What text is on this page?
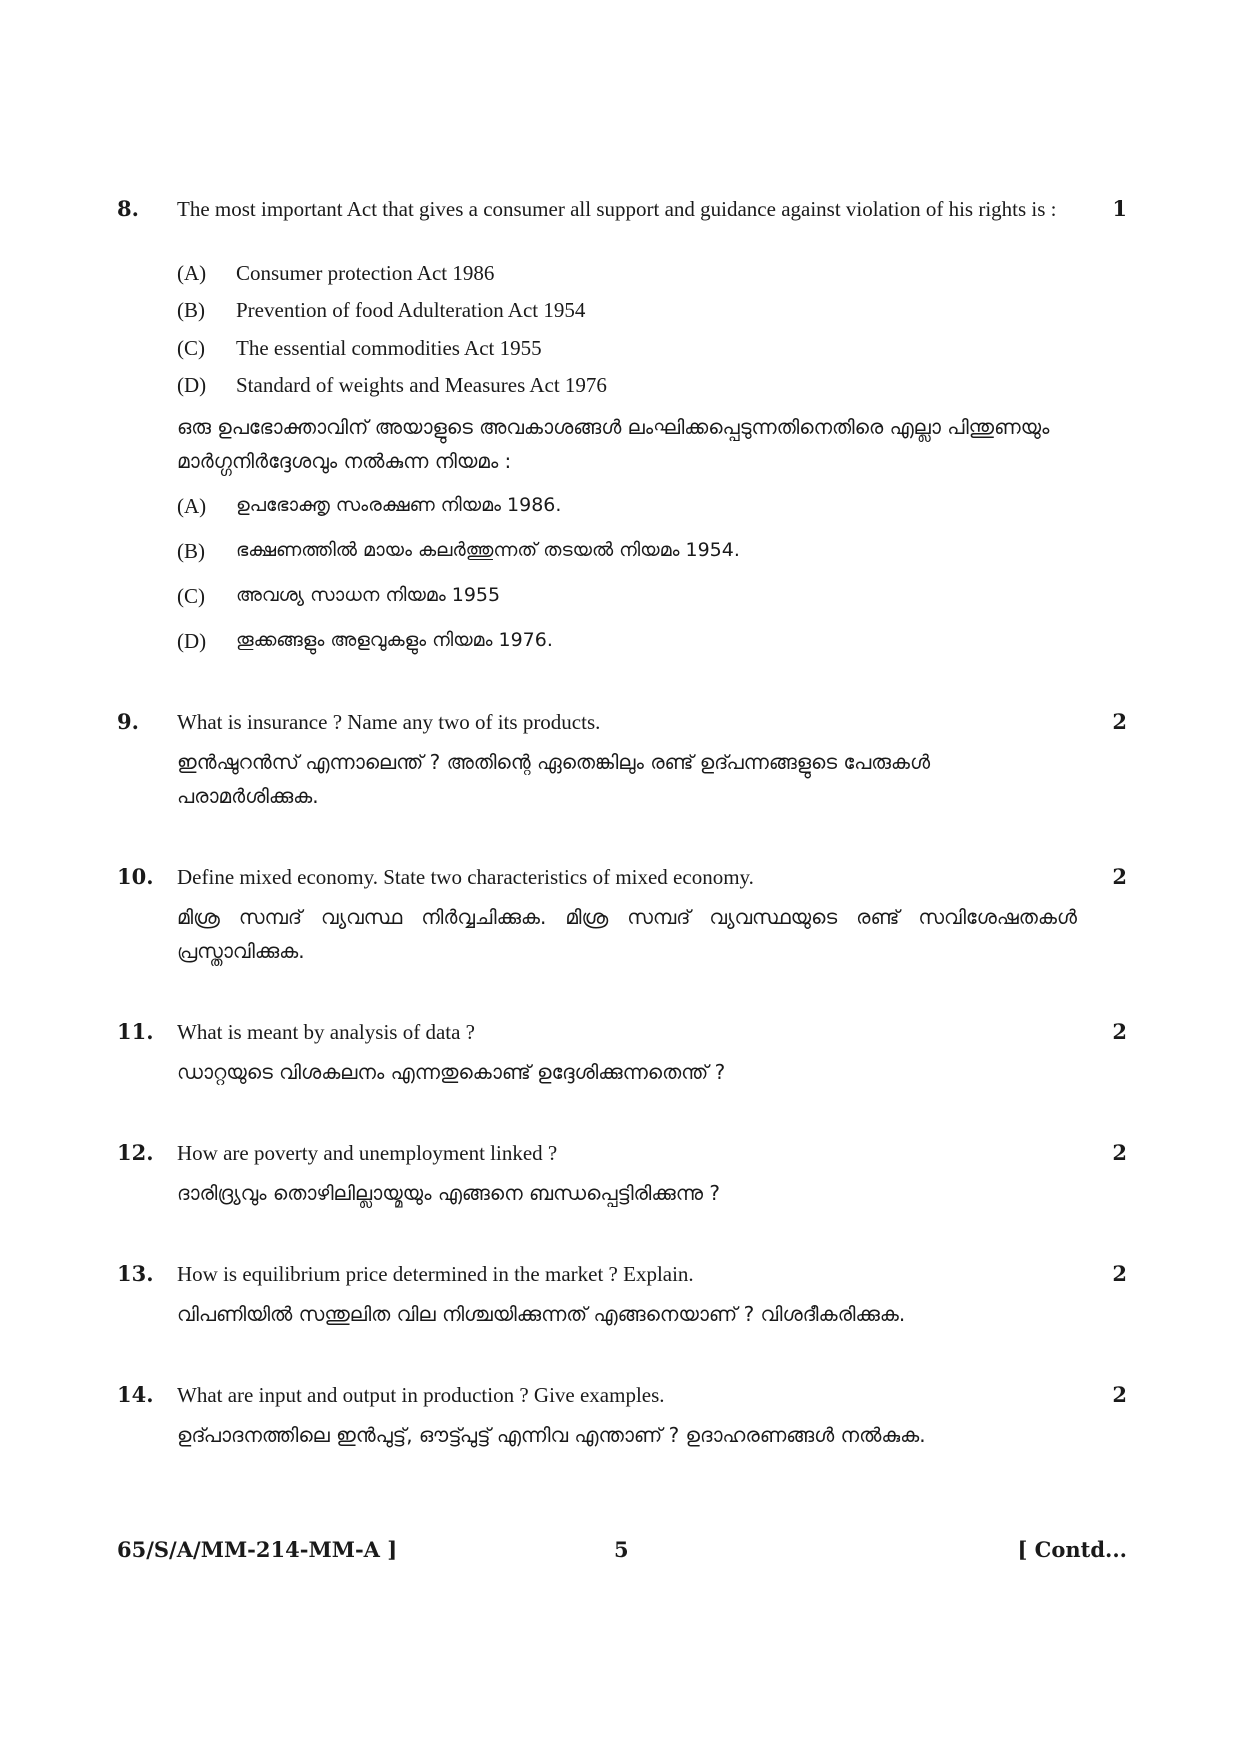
8. The most important Act that gives a consumer all support and guidance against violation of his rights is :	1
(A) Consumer protection Act 1986
(B) Prevention of food Adulteration Act 1954
(C) The essential commodities Act 1955
(D) Standard of weights and Measures Act 1976
ഒരു ഉപഭോക്താവിന് അയാളുടെ അവകാശങ്ങൾ ലംഘിക്കപ്പെടുന്നതിനെതിരെ എല്ലാ പിന്തുണയും മാർഗ്ഗനിർദ്ദേശവും നൽകുന്ന നിയമം :
(A) ഉപഭോക്തൃ സംരക്ഷണ നിയമം 1986.
(B) ഭക്ഷണത്തിൽ മായം കലർത്തുന്നത് തടയൽ നിയമം 1954.
(C) അവശ്യ സാധന നിയമം 1955
(D) തൂക്കങ്ങളും അളവുകളും നിയമം 1976.
9. What is insurance ? Name any two of its products.	2
ഇൻഷുറൻസ് എന്നാലെന്ത് ? അതിന്റെ ഏതെങ്കിലും രണ്ട് ഉദ്പന്നങ്ങളുടെ പേരുകൾ പരാമർശിക്കുക.
10. Define mixed economy. State two characteristics of mixed economy.	2
മിശ്ര സമ്പദ് വ്യവസ്ഥ നിർവ്വചിക്കുക. മിശ്ര സമ്പദ് വ്യവസ്ഥയുടെ രണ്ട് സവിശേഷതകൾ പ്രസ്താവിക്കുക.
11. What is meant by analysis of data ?	2
ഡാറ്റയുടെ വിശകലനം എന്നതുകൊണ്ട് ഉദ്ദേശിക്കുന്നതെന്ത് ?
12. How are poverty and unemployment linked ?	2
ദാരിദ്ര്യവും തൊഴിലില്ലായ്മയും എങ്ങനെ ബന്ധപ്പെട്ടിരിക്കുന്നു ?
13. How is equilibrium price determined in the market ? Explain.	2
വിപണിയിൽ സന്തുലിത വില നിശ്ചയിക്കുന്നത് എങ്ങനെയാണ് ? വിശദീകരിക്കുക.
14. What are input and output in production ? Give examples.	2
ഉദ്പാദനത്തിലെ ഇൻപുട്ട്, ഔട്ട്പുട്ട് എന്നിവ എന്താണ് ? ഉദാഹരണങ്ങൾ നൽകുക.
65/S/A/MM-214-MM-A ]	5	[ Contd...
